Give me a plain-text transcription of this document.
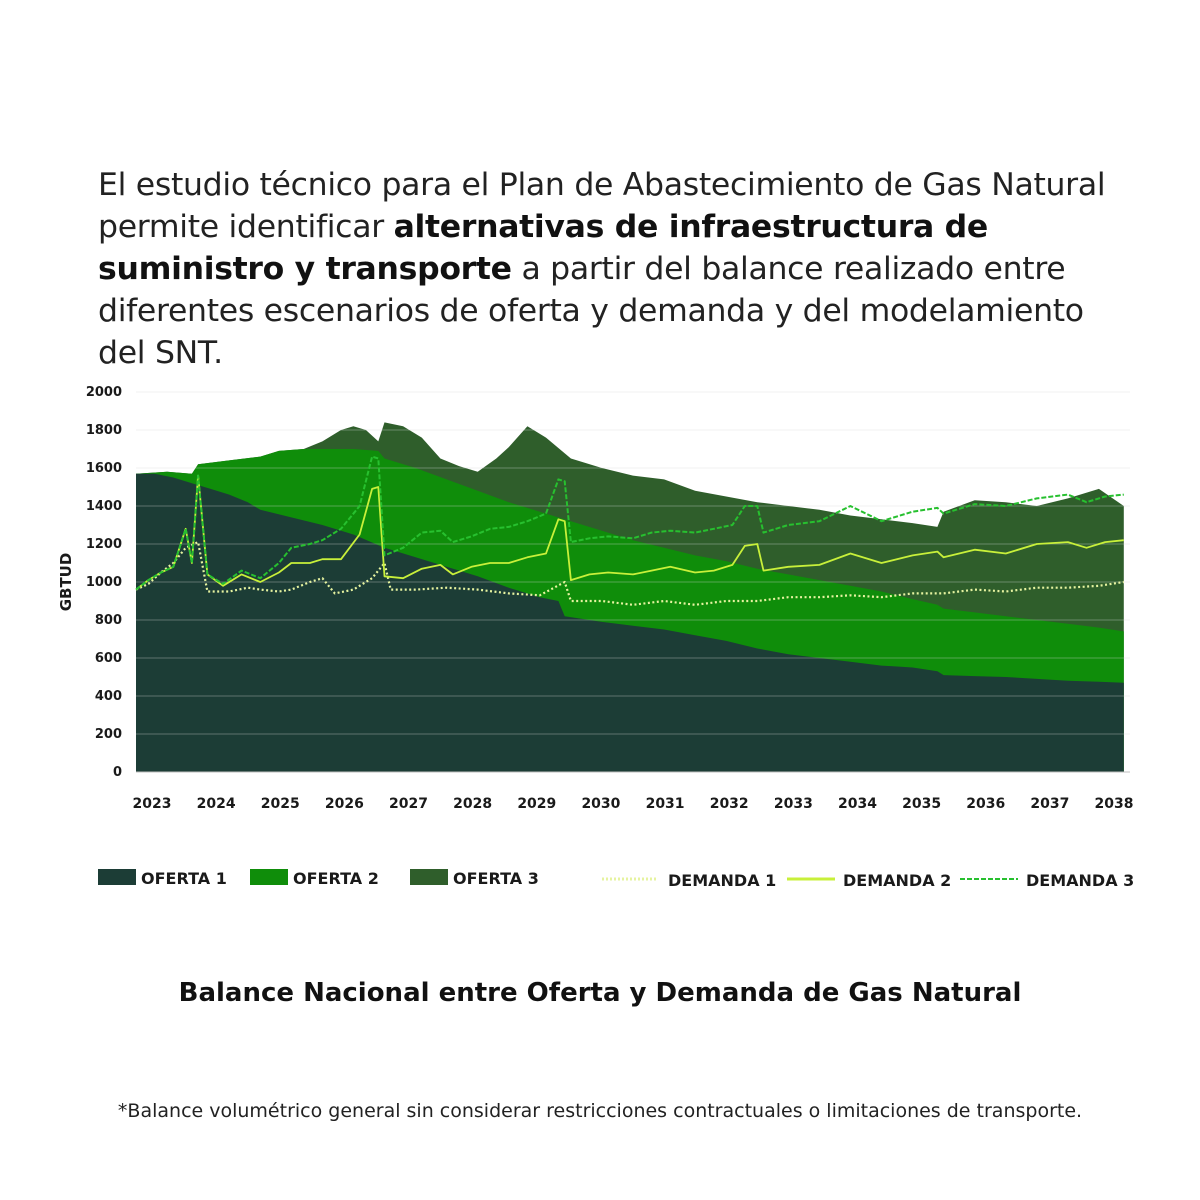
El estudio técnico para el Plan de Abastecimiento de Gas Natural permite identificar alternativas de infraestructura de suministro y transporte a partir del balance realizado entre diferentes escenarios de oferta y demanda y del modelamiento del SNT.

0
200
400
600
800
1000
1200
1400
1600
1800
2000
2023 2024 2025 2026 2027 2028 2029 2030 2031 2032 2033 2034 2035 2036 2037 2038
GBTUD
OFERTA 1	OFERTA 2	OFERTA 3	DEMANDA 1	DEMANDA 2	DEMANDA 3
Balance Nacional entre Oferta y Demanda de Gas Natural
*Balance volumétrico general sin considerar restricciones contractuales o limitaciones de transporte.
